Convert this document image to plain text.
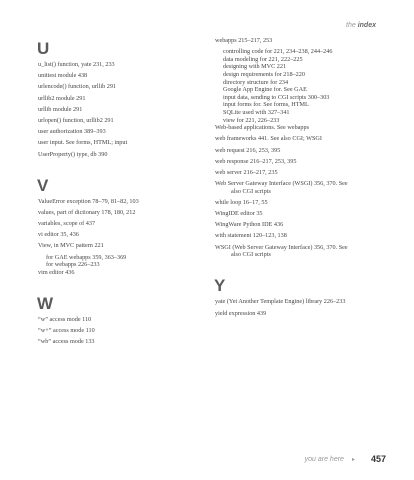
the index
U
u_list() function, yate 231, 233
unittest module 438
urlencode() function, urllib 291
urllib2 module 291
urllib module 291
urlopen() function, urllib2 291
user authorization 389–393
user input. See forms, HTML; input
UserProperty() type, db 390
V
ValueError exception 78–79, 81–82, 103
values, part of dictionary 178, 180, 212
variables, scope of 437
vi editor 35, 436
View, in MVC pattern 221
for GAE webapps 359, 363–369
for webapps 226–233
vim editor 436
W
“w” access mode 110
“w+” access mode 110
“wb” access mode 133
webapps 215–217, 253
controlling code for 221, 234–238, 244–246
data modeling for 221, 222–225
designing with MVC 221
design requirements for 218–220
directory structure for 234
Google App Engine for. See GAE
input data, sending to CGI scripts 300–303
input forms for. See forms, HTML
SQLite used with 327–341
view for 221, 226–233
Web-based applications. See webapps
web frameworks 441. See also CGI; WSGI
web request 216, 253, 395
web response 216–217, 253, 395
web server 216–217, 235
Web Server Gateway Interface (WSGI) 356, 370. See
also CGI scripts
while loop 16–17, 55
WingIDE editor 35
WingWare Python IDE 436
with statement 120–123, 138
WSGI (Web Server Gateway Interface) 356, 370. See
also CGI scripts
Y
yate (Yet Another Template Engine) library 226–233
yield expression 439
you are here ▸ 457
